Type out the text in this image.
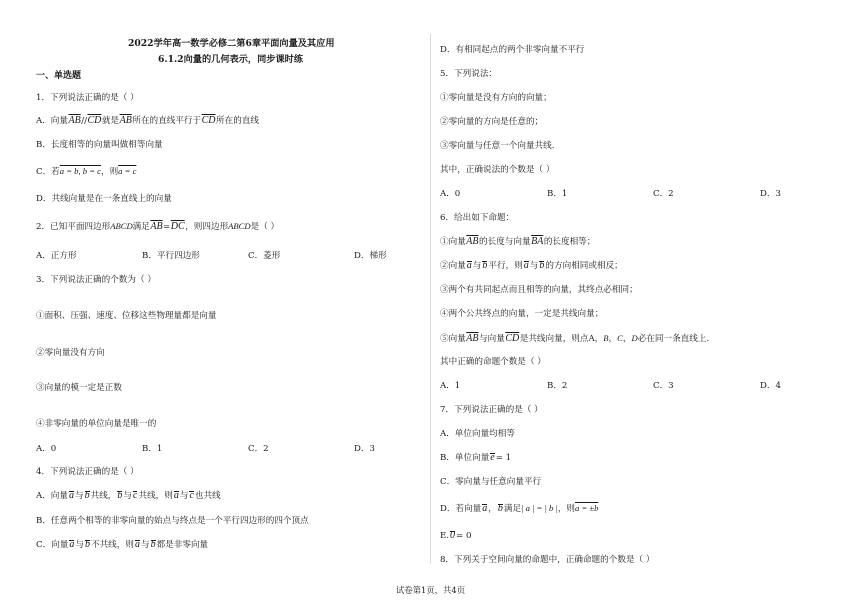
2022学年高一数学必修二第6章平面向量及其应用
6.1.2向量的几何表示，同步课时练
一、单选题
1．下列说法正确的是（ ）
A．向量$\overline{AB}//\overline{CD}$就是$\overline{AB}$所在的直线平行于$\overline{CD}$所在的直线
B．长度相等的向量叫做相等向量
C．若a = b, b = c，则a = c
D．共线向量是在一条直线上的向量
2．已知平面四边形ABCD满足$\overline{AB}=\overline{DC}$，则四边形ABCD是（ ）
A．正方形	B．平行四边形	C．菱形	D．梯形
3．下列说法正确的个数为（ ）
①面积、压强、速度、位移这些物理量都是向量
②零向量没有方向
③向量的模一定是正数
④非零向量的单位向量是唯一的
A．0	B．1	C．2	D．3
4．下列说法正确的是（ ）
A．向量a与b共线，b与c共线，则a与c也共线
B．任意两个相等的非零向量的始点与终点是一个平行四边形的四个顶点
C．向量a与b不共线，则a与b都是非零向量
D．有相同起点的两个非零向量不平行
5．下列说法：
①零向量是没有方向的向量；
②零向量的方向是任意的；
③零向量与任意一个向量共线.
其中，正确说法的个数是（ ）
A．0	B．1	C．2	D．3
6．给出如下命题：
①向量$\overline{AB}$的长度与向量$\overline{BA}$的长度相等；
②向量a与b平行，则a与b的方向相同或相反；
③两个有共同起点而且相等的向量，其终点必相同；
④两个公共终点的向量，一定是共线向量；
⑤向量$\overline{AB}$与向量$\overline{CD}$是共线向量，则点A，B，C，D必在同一条直线上.
其中正确的命题个数是（ ）
A．1	B．2	C．3	D．4
7．下列说法正确的是（ ）
A．单位向量均相等
B．单位向量e= 1
C．零向量与任意向量平行
D．若向量a，b满足| a | = | b |，则a = ±b
E.0= 0
8．下列关于空间向量的命题中，正确命题的个数是（ ）
试卷第1页，共4页
